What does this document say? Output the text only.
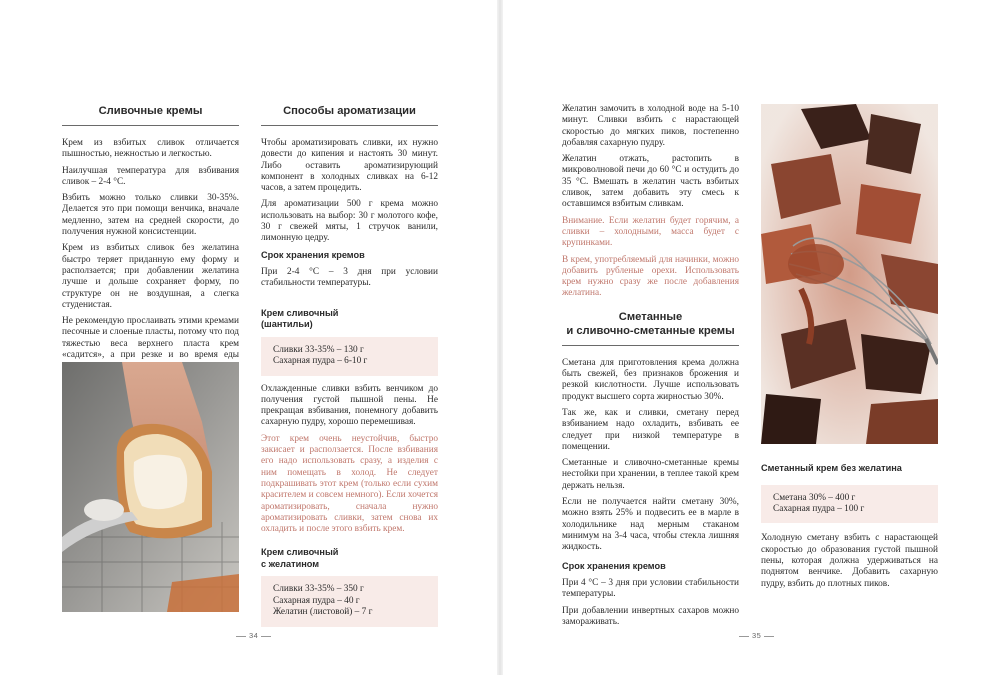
Сливочные кремы

Крем из взбитых сливок отличается пышностью, нежностью и легкостью.

Наилучшая температура для взбивания сливок – 2-4 °С.

Взбить можно только сливки 30-35%. Делается это при помощи венчика, вначале медленно, затем на средней скорости, до получения нужной консистенции.

Крем из взбитых сливок без желатина быстро теряет приданную ему форму и расползается; при добавлении желатина лучше и дольше сохраняет форму, по структуре он не воздушная, а слегка студенистая.

Не рекомендую прослаивать этими кремами песочные и слоеные пласты, потому что под тяжестью веса верхнего пласта крем «садится», а при резке и во время еды

Способы ароматизации

Чтобы ароматизировать сливки, их нужно довести до кипения и настоять 30 минут. Либо оставить ароматизирующий компонент в холодных сливках на 6-12 часов, а затем процедить.

Для ароматизации 500 г крема можно использовать на выбор: 30 г молотого кофе, 30 г свежей мяты, 1 стручок ванили, лимонную цедру.

Срок хранения кремов

При 2-4 °С – 3 дня при условии стабильности температуры.

Крем сливочный
(шантильи)
Сливки 33-35% – 130 г
Сахарная пудра – 6-10 г

Охлажденные сливки взбить венчиком до получения густой пышной пены. Не прекращая взбивания, понемногу добавить сахарную пудру, хорошо перемешивая.

Этот крем очень неустойчив, быстро закисает и расползается. После взбивания его надо использовать сразу, а изделия с ним помещать в холод. Не следует подкрашивать этот крем (только если сухим красителем и совсем немного). Если хочется ароматизировать, сначала нужно ароматизировать сливки, затем снова их охладить и после этого взбить крем.

Крем сливочный
с желатином
Сливки 33-35% – 350 г
Сахарная пудра – 40 г
Желатин (листовой) – 7 г
34

Желатин замочить в холодной воде на 5-10 минут. Сливки взбить с нарастающей скоростью до мягких пиков, постепенно добавляя сахарную пудру.

Желатин отжать, растопить в микроволновой печи до 60 °С и остудить до 35 °С. Вмешать в желатин часть взбитых сливок, затем добавить эту смесь к оставшимся взбитым сливкам.

Внимание. Если желатин будет горячим, а сливки – холодными, масса будет с крупинками.

В крем, употребляемый для начинки, можно добавить рубленые орехи. Использовать крем нужно сразу же после добавления желатина.

Сметанные
и сливочно-сметанные кремы

Сметана для приготовления крема должна быть свежей, без признаков брожения и резкой кислотности. Лучше использовать продукт высшего сорта жирностью 30%.

Так же, как и сливки, сметану перед взбиванием надо охладить, взбивать ее следует при низкой температуре в помещении.

Сметанные и сливочно-сметанные кремы нестойки при хранении, в теплее такой крем держать нельзя.

Если не получается найти сметану 30%, можно взять 25% и подвесить ее в марле в холодильнике над мерным стаканом минимум на 3-4 часа, чтобы стекла лишняя жидкость.

Срок хранения кремов

При 4 °С – 3 дня при условии стабильности температуры.

При добавлении инвертных сахаров можно замораживать.

Сметанный крем без желатина
Сметана 30% – 400 г
Сахарная пудра – 100 г

Холодную сметану взбить с нарастающей скоростью до образования густой пышной пены, которая должна удерживаться на поднятом венчике. Добавить сахарную пудру, взбить до плотных пиков.

35
